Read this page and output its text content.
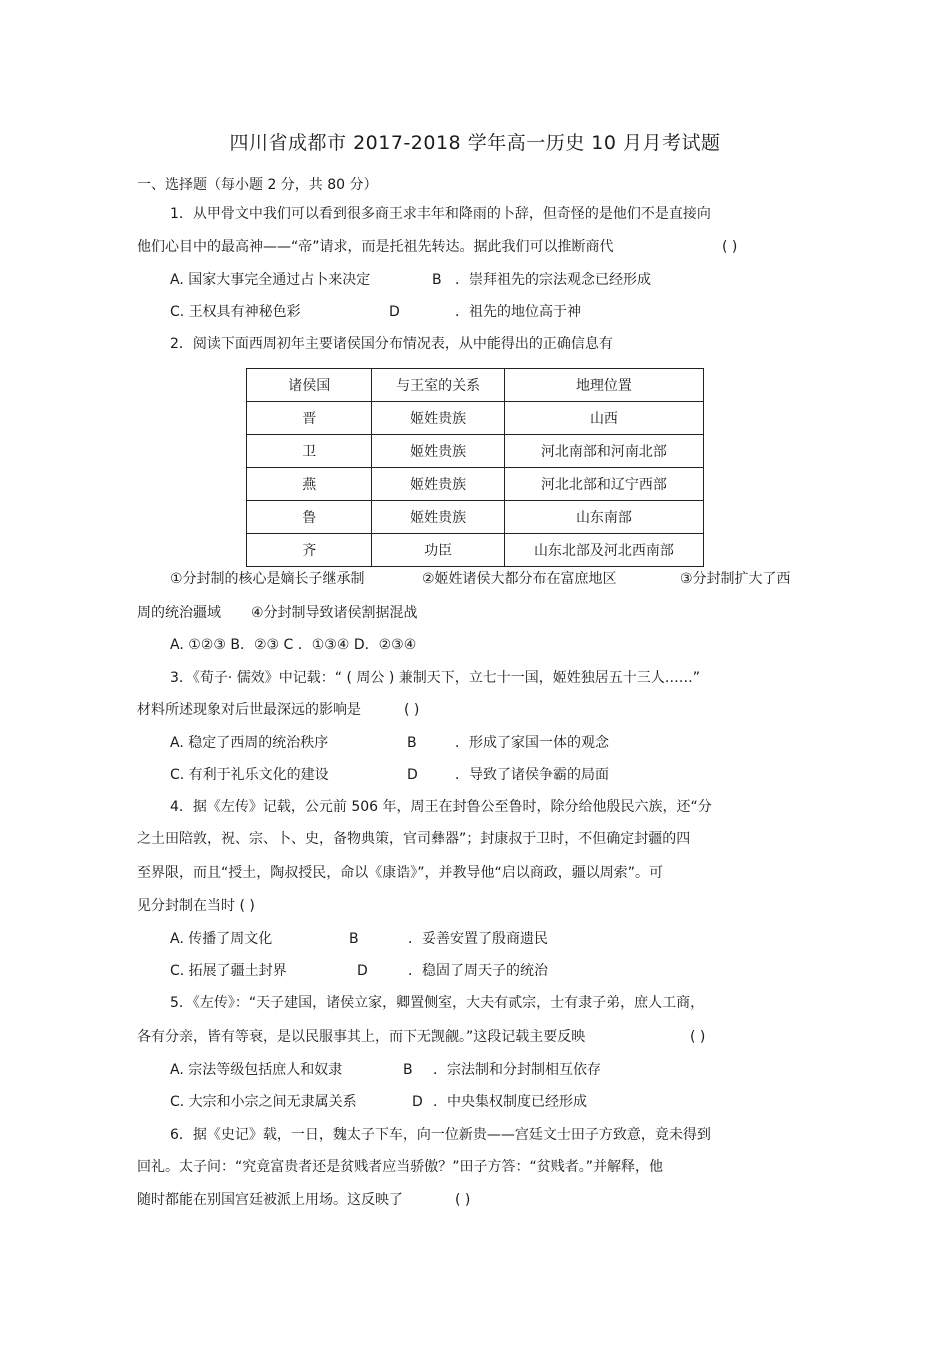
四川省成都市 2017-2018 学年高一历史 10 月月考试题
一、选择题（每小题 2 分，共 80 分）
1．从甲骨文中我们可以看到很多商王求丰年和降雨的卜辞，但奇怪的是他们不是直接向
他们心目中的最高神——“帝”请求，而是托祖先转达。据此我们可以推断商代	( )
A. 国家大事完全通过占卜来决定	B ．崇拜祖先的宗法观念已经形成
C. 王权具有神秘色彩	D	．祖先的地位高于神
2．阅读下面西周初年主要诸侯国分布情况表，从中能得出的正确信息有
诸侯国	与王室的关系	地理位置
晋	姬姓贵族	山西
卫	姬姓贵族	河北南部和河南北部
燕	姬姓贵族	河北北部和辽宁西部
鲁	姬姓贵族	山东南部
齐	功臣	山东北部及河北西南部
①分封制的核心是嫡长子继承制	②姬姓诸侯大都分布在富庶地区	③分封制扩大了西
周的统治疆域 ④分封制导致诸侯割据混战
A. ①②③ B．②③ C ．①③④ D．②③④
3．《荀子· 儒效》中记载：“ ( 周公 ) 兼制天下，立七十一国，姬姓独居五十三人……”
材料所述现象对后世最深远的影响是	( )
A. 稳定了西周的统治秩序	B	．形成了家国一体的观念
C. 有利于礼乐文化的建设	D	．导致了诸侯争霸的局面
4．据《左传》记载，公元前 506 年，周王在封鲁公至鲁时，除分给他殷民六族，还“分
之土田陪敦，祝、宗、卜、史，备物典策，官司彝器”；封康叔于卫时，不但确定封疆的四
至界限，而且“授土，陶叔授民，命以《康诰》”，并教导他“启以商政，疆以周索”。可
见分封制在当时 ( )
A. 传播了周文化	B	．妥善安置了殷商遗民
C. 拓展了疆土封界	D	．稳固了周天子的统治
5．《左传》：“天子建国，诸侯立家，卿置侧室，大夫有贰宗，士有隶子弟，庶人工商，
各有分亲，皆有等衰，是以民服事其上，而下无觊觎。”这段记载主要反映	( )
A. 宗法等级包括庶人和奴隶	B ．宗法制和分封制相互依存
C. 大宗和小宗之间无隶属关系	D ．中央集权制度已经形成
6．据《史记》载，一日，魏太子下车，向一位新贵——宫廷文士田子方致意，竟未得到
回礼。太子问：“究竟富贵者还是贫贱者应当骄傲？”田子方答：“贫贱者。”并解释，他
随时都能在别国宫廷被派上用场。这反映了	( )
